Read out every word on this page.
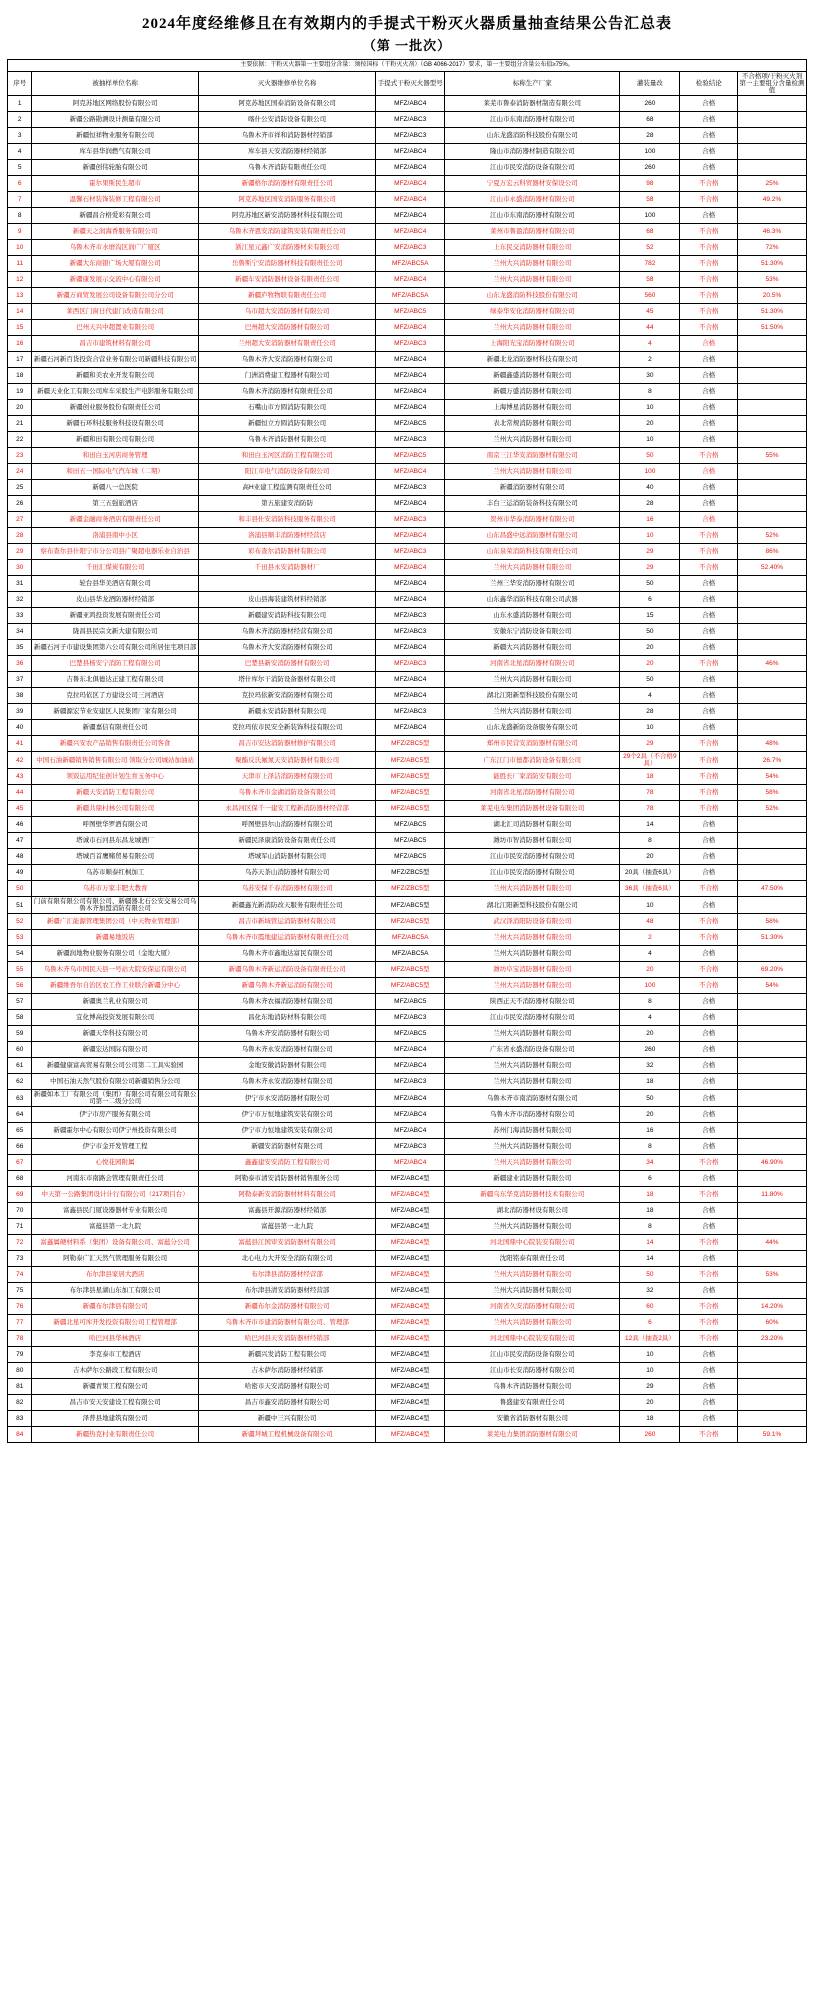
2024年度经维修且在有效期内的手提式干粉灭火器质量抽查结果公告汇总表
（第 一批次）
主要依据：干粉灭火器第一主要组分含量：须按国标（干粉灭火剂）（GB 4066-2017）要求，第一主要组分含量公布值≥75%。							
序号	被抽样单位名称	灭火器维修单位名称	手提式干粉灭火器型号	标称生产厂家	灌装量改	检验结论	不合格项/干粉灭火剂第一主要组分含量检测值
1	阿克苏地区网络股份有限公司	阿克苏地区国泰消防设备有限公司	MFZ/ABC4	莱芜市鲁泰消防器材制造有限公司	260	合格	
2	新疆公路勘测设计测量有限公司	喀什公安消防设备有限公司	MFZ/ABC3	江山市东南消防器材有限公司	68	合格	
3	新疆恒祥物业服务有限公司	乌鲁木齐市祥和消防器材经销部	MFZ/ABC3	山东龙盛消防科技股份有限公司	28	合格	
4	库车县华润燃气有限公司	库车县天安消防器材经销部	MFZ/ABC4	隆山市消防器材制造有限公司	100	合格	
5	新疆创伟轮胎有限公司	乌鲁木齐消防有限责任公司	MFZ/ABC4	江山市民安消防设备有限公司	260	合格	
6	霍尔果斯民生超市	新疆格尔消防器材有限责任公司	MFZ/ABC4	宁夏万宏云科贸器材安保设公司	98	不合格	25%
7	温馨石材装饰装修工程有限公司	阿克苏地区国安消防服务有限公司	MFZ/ABC4	江山市永盛消防器材有限公司	58	不合格	49.2%
8	新疆昌合格爱彩有限公司	阿克苏地区新安消防器材科技有限公司	MFZ/ABC4	江山市东南消防器材有限公司	100	合格	
9	新疆天之润海香服务有限公司	乌鲁木齐恩安消防建筑安装有限责任公司	MFZ/ABC4	莱州市鲁盈消防器材有限公司	68	不合格	46.3%
10	乌鲁木齐市水磨沟区润广广厦区	浙江星元鑫广安消防器材来有限公司	MFZ/ABC3	上东民交消防器材有限公司	52	不合格	72%
11	新疆大东商银广场大厦有限公司	岳鲁斯宁安消防器材科技有限责任公司	MFZ/ABC5A	兰州大兴消防器材有限公司	782	不合格	51.30%
12	新疆康发展示交流中心有限公司	新疆车安消防器材设备有限责任公司	MFZ/ABC4	兰州大兴消防器材有限公司	58	不合格	53%
13	新疆万商贸发展公司设备有限公司分公司	新疆庐牧物联有限责任公司	MFZ/ABC5A	山东龙盛消防科技股份有限公司	560	不合格	20.5%
14	莱西区门窗日代建门改造有限公司	乌市超大安消防器材有限公司	MFZ/ABC5	绿泰华安化消防器材有限公司	45	不合格	51.30%
15	巴州天兴中超置业有限公司	巴州超大安消防器材有限公司	MFZ/ABC4	兰州大兴消防器材有限公司	44	不合格	51.50%
16	昌吉市建筑材料有限公司	兰州超大安消防器材有限责任公司	MFZ/ABC3	上海阳光宝消防器材有限公司	4	合格	
17	新疆石河新百货投资合营业务有限公司新疆科技有限公司	乌鲁木齐大安消防器材有限公司	MFZ/ABC4	新疆北龙消防器材科技有限公司	2	合格	
18	新疆和美农业开发有限公司	门洲消费建工程器材有限公司	MFZ/ABC4	新疆鑫盛消防器材有限公司	30	合格	
19	新疆天业化工有限公司库车采股生产电影服务有限公司	乌鲁木齐消防器材有限责任公司	MFZ/ABC4	新疆万盛消防器材有限公司	8	合格	
20	新疆创业服务股份有限责任公司	石嘴山市方圆消防有限公司	MFZ/ABC4	上海博星消防器材有限公司	10	合格	
21	新疆石环科技服务科技设有限公司	新疆恒立方圆消防有限公司	MFZ/ABC5	表北常规消防器材有限公司	20	合格	
22	新疆和田有限公司有限公司	乌鲁木齐消防器材有限公司	MFZ/ABC3	兰州大兴消防器材有限公司	10	合格	
23	和田白玉河店商务管理	和田白玉河区消防工程有限公司	MFZ/ABC5	南京三江华安消防器材有限公司	50	不合格	55%
24	和田五一国际电气汽车城（二期）	阳江市电气消防设备有限公司	MFZ/ABC4	兰州大兴消防器材有限公司	100	合格	
25	新疆八一总医院	高H业建工程监测有限责任公司	MFZ/ABC3	新疆消防器材有限公司	40	合格	
26	第三五强旅酒店	第五旅建安消防防	MFZ/ABC4	丰台三运消防装备科技有限公司	28	合格	
27	新疆金融商务酒店有限责任公司	和丰县仕安消防科技服务有限公司	MFZ/ABC3	贺州市华泰消防器材有限公司	16	合格	
28	洛浦县南中小区	洛浦县顺丰消防器材经营店	MFZ/ABC4	山东昌盛中远消防器材有限公司	10	不合格	52%
29	察布查尔县什阳宁市分公司县广聚超电器乐业自治县	彩布查尔消防器材有限公司	MFZ/ABC3	山东泉荣消防科技有限责任公司	29	不合格	86%
30	千田汇煤炭有限公司	千田县永安消防器材厂	MFZ/ABC4	兰州大兴消防器材有限公司	29	不合格	52.40%
31	轮台县华美酒店有限公司		MFZ/ABC4	兰州三华安消防器材有限公司	50	合格	
32	皮山县华龙酒防器材经销部	皮山县海装建筑材料经销部	MFZ/ABC4	山东鑫华消防科技有限公司武器	6	合格	
33	新疆亚鸿投资发展有限责任公司	新疆建安消防科技有限公司	MFZ/ABC3	山东永盛消防器材有限公司	15	合格	
34	陇昌县民宗文新大建有限公司	乌鲁木齐消防器材经营有限公司	MFZ/ABC3	安徽东宁消防设备有限公司	50	合格	
35	新疆石河子市建设集团第六公司有限公司所居住宅项目部	乌鲁木齐大安消防器材有限公司	MFZ/ABC4	新疆大兴消防器材有限公司	20	合格	
36	巴楚县杨安宁消防工程有限公司	巴楚县新安消防器材有限公司	MFZ/ABC3	河南省北星消防器材有限公司	20	不合格	46%
37	吉鲁东北俱德达正建工程有限公司	塔什库尔干消防设备器材有限公司	MFZ/ABC4	兰州大兴消防器材有限公司	50	合格	
38	克拉玛依区了方建设公司三河酒店	克拉玛依新安消防器材有限公司	MFZ/ABC4	湖北江阳新型科技股份有限公司	4	合格	
39	新疆源宏节业安建区人民集团厂家有限公司	新疆永安消防器材有限公司	MFZ/ABC3	兰州大兴消防器材有限公司	28	合格	
40	新疆嘉信有限责任公司	克拉玛依市民安全新装饰科技有限公司	MFZ/ABC4	山东龙盛新防设备服务有限公司	10	合格	
41	新疆兴安农产品销售有限责任公司客食	昌吉市安达消防器材修护有限公司	MFZ/ZBC5型	郑州市民营安消防器材有限公司	29	不合格	48%
42	中国石油新疆销售销售有限公司 领取分公司城站加油站	聚酯反氏氟氮天安消防器材有限公司	MFZ/ABC5型	广东江门市德都消防设备有限公司	29个2具（不合格9具）	不合格	26.7%
43	领饭运用纪住创计划生育玉务中心	天津市上泽洁消防器材有限公司	MFZ/ABC5型	能胜长厂家消防安有限公司	18	不合格	54%
44	新疆天安消防工程有限公司	乌鲁木齐市金湖消防设备有限公司	MFZ/ABC5型	河南省北星消防器材有限公司	78	不合格	58%
45	新疆共鼎村林公司有限公司	永昌河区保千一建安工程新消防器材经营部	MFZ/ABC5型	莱芜电车集团消防器材设备有限公司	78	不合格	52%
46	呼图壁华罗酒有限公司	呼图壁县尔山消防器材有限公司	MFZ/ABC5	湖北汇司消防器材有限公司	14	合格	
47	塔诚市石河县东昌龙城酒厂	新疆民泽康消防设备有限责任公司	MFZ/ABC5	潍坊市智消防器材有限公司	8	合格	
48	塔城百首鹰赌贸易有限公司	塔城军山消防器材有限公司	MFZ/ABC5	江山市民安消防器材有限公司	20	合格	
49	乌苏市顺泰红枫加工	乌苏天茶山消防器材有限公司	MFZ/ZBC5型	江山市民安消防器材有限公司	20具（抽查6具）	合格	
50	乌苏市万家丰肥大教育	乌苏安保千春消防器材有限公司	MFZ/ZBC5型	兰州大兴消防器材有限公司	36具（抽查6具）	不合格	47.50%
51	门前有限有限公司有限公司、新疆器北石公安交易公司乌鲁木齐加盟消防有限公司	新疆鑫光新消防改天服务有限责任公司	MFZ/ABC5型	湖北江阳新型科技股份有限公司	10	合格	
52	新疆广汇能源管理集团公司（中天物业管理部）	昌吉市新域管运消防器材有限公司	MFZ/ABC5型	武汉泽消阳防设备有限公司	48	不合格	58%
53	新疆易地饭店	乌鲁木齐市霞地建运消防器材有限责任公司	MFZ/ABC5A	兰州大兴消防器材有限公司	2	不合格	51.30%
54	新疆润地物业服务有限公司（金地大厦）	乌鲁木齐市鑫地达富民有限公司	MFZ/ABC5A	兰州大兴消防器材有限公司	4	合格	
55	乌鲁木齐乌市国民天县一号站大院安保运有限公司	新疆乌鲁木齐新运消防设备有限责任公司	MFZ/ABC5型	潍坊阜宝消防器材有限公司	20	不合格	69.20%
56	新疆维吾尔自治区农工作工业联合新疆分中心	新疆乌鲁木齐新运消防有限公司	MFZ/ABC5型	兰州大兴消防器材有限公司	100	不合格	54%
57	新疆奥兰乳业有限公司	乌鲁木齐农福消防器材有限公司	MFZ/ABC5	陕西正天不消防器材有限公司	8	合格	
58	宜化博高投资发展有限公司	昌化东地消防材科有限公司	MFZ/ABC3	江山市民安消防器材有限公司	4	合格	
59	新疆天华科技有限公司	乌鲁木齐安消防器材有限公司	MFZ/ABC5	兰州大兴消防器材有限公司	20	合格	
60	新疆宏达国际有限公司	乌鲁木齐永安消防器材有限公司	MFZ/ABC4	广东省永盛消防设备有限公司	260	合格	
61	新疆健康富高贸易有限公司公司第二工具实验园	金地安徽消防器材有限公司	MFZ/ABC4	兰州大兴消防器材有限公司	32	合格	
62	中国石油天然气股份有限公司新疆销售分公司	乌鲁木齐永安消防器材有限公司	MFZ/ABC3	兰州大兴消防器材有限公司	18	合格	
63	新疆如本工厂有限公司（集团）有限公司有限公司有限公司第一二级分公司	伊宁市永安消防器材有限公司	MFZ/ABC4	乌鲁木齐市南消防器材有限公司	50	合格	
64	伊宁市房产服务有限公司	伊宁市万恒地建筑安装有限公司	MFZ/ABC4	乌鲁木齐市消防器材有限公司	20	合格	
65	新疆霍尔中心有限公司伊宁州投资有限公司	伊宁市力恒地建筑安装有限公司	MFZ/ABC4	苏州门海消防器材有限公司	16	合格	
66	伊宁市金开发管理工程	新疆安消防器材有限公司	MFZ/ABC3	兰州大兴消防器材有限公司	8	合格	
67	心悦花园附属	鑫鑫建安安消防工程有限公司	MFZ/ABC4	兰州天兴消防器材有限公司	34	不合格	46.90%
68	河南东市南路会管理有限责任公司	阿勒泰市清安消防器材销售服务公司	MFZ/ABC4型	新疆建业消防器材有限公司	6	合格	
69	中天第一公路集团设计计行有限公司（217项目台）	阿勒泰新安消防器材材料有限公司	MFZ/ABC4型	新疆乌东华克消防器材技术有限公司	18	不合格	11.80%
70	富鑫县民门厦设器器材专业有限公司	富鑫县开源消防器材经销部	MFZ/ABC4型	湖北消防器材设有限公司	18	合格	
71	富蕴县第一北九院	富蕴县第一北九院	MFZ/ABC4型	兰州大兴消防器材有限公司	8	合格	
72	富鑫属硬材料系（集团）设备有限公司、富蕴分公司	富蕴县江国审安消防器材有限公司	MFZ/ABC4型	河北国鼎中心院装安有限公司	14	不合格	44%
73	阿勒泰广汇天然气管理服务有限公司	北心电力大开安全消防有限公司	MFZ/ABC4型	沈阳铭泰有限责任公司	14	合格	
74	布尔津县家居大酒店	布尔津县消防器材经营部	MFZ/ABC4型	兰州大兴消防器材有限公司	50	不合格	53%
75	布尔津县星湖山东加工有限公司	布尔津县清安消防器材经营部	MFZ/ABC4型	兰州大兴消防器材有限公司	32	合格	
76	新疆布尔津县有限公司	新疆布尔金消防器材有限公司	MFZ/ABC4型	河南省久安消防器材有限公司	60	不合格	14.20%
77	新疆北星可库开发投资有限公司工程管理部	乌鲁木齐市市建消防器材有限公司、管理部	MFZ/ABC4型	兰州大兴消防器材有限公司	6	不合格	60%
78	哈巴河县华林酒店	哈巴河县天安消防器材经销部	MFZ/ABC4型	河北国鼎中心院装安有限公司	12具（抽查2具）	不合格	23.20%
79	李克泰市工程酒店	新疆兴发消防工程有限公司	MFZ/ABC4型	江山市民安消防设备有限公司	10	合格	
80	吉木萨尔公路段工程有限公司	吉木萨尔消防器材经销部	MFZ/ABC4型	江山市长安消防器材有限公司	10	合格	
81	新疆青果工程有限公司	哈密市天安消防器材有限公司	MFZ/ABC4型	乌鲁木齐消防器材有限公司	29	合格	
82	昌吉市安天安建设工程有限公司	昌吉市鑫安消防器材有限公司	MFZ/ABC4型	鲁盛建安有限责任公司	20	合格	
83	泽普县地建筑有限公司	新疆中三兴有限公司	MFZ/ABC4型	安徽省消防器材有限公司	18	合格	
84	新疆热克村业有限责任公司	新疆拜城工程机械设备有限公司	MFZ/ABC4型	莱芜电力集团消防器材有限公司	260	不合格	59.1%
